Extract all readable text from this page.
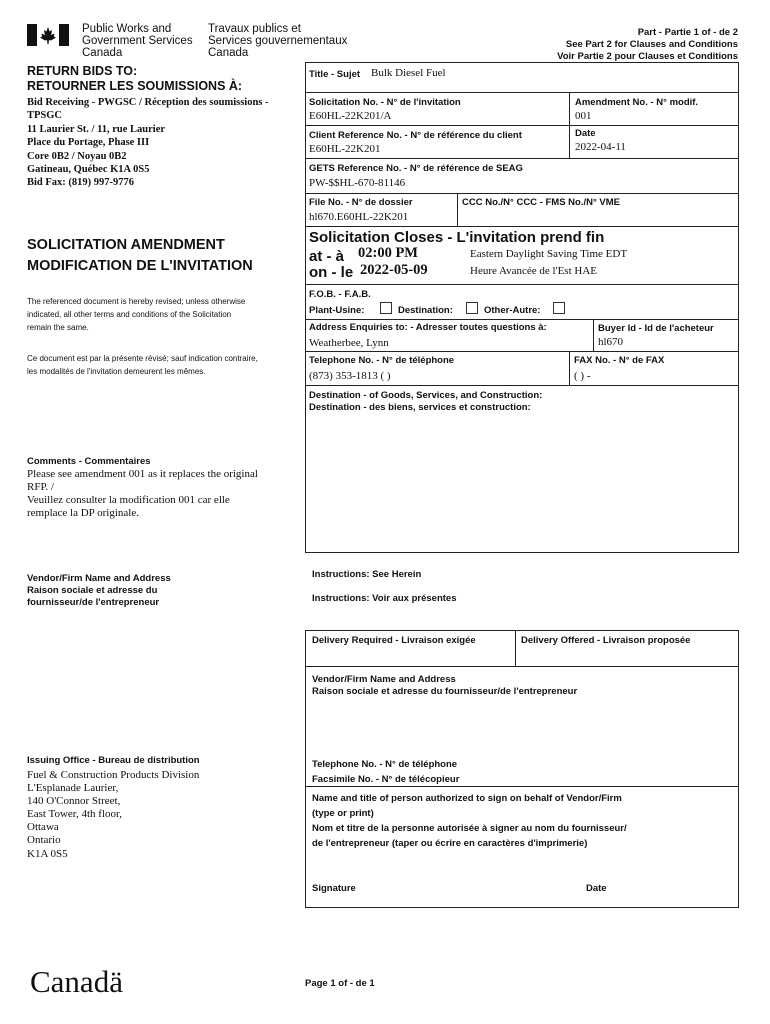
Public Works and
Government Services
Canada
Travaux publics et
Services gouvernementaux
Canada
Part - Partie 1 of - de 2
See Part 2 for Clauses and Conditions
Voir Partie 2 pour Clauses et Conditions
RETURN BIDS TO:
RETOURNER LES SOUMISSIONS À:
Bid Receiving - PWGSC / Réception des soumissions -
TPSGC
11 Laurier St. / 11, rue Laurier
Place du Portage, Phase III
Core 0B2 / Noyau 0B2
Gatineau, Québec K1A 0S5
Bid Fax: (819) 997-9776
SOLICITATION AMENDMENT
MODIFICATION DE L'INVITATION
The referenced document is hereby revised; unless otherwise
indicated, all other terms and conditions of the Solicitation
remain the same.
Ce document est par la présente révisé; sauf indication contraire,
les modalités de l'invitation demeurent les mêmes.
Comments - Commentaires
Please see amendment 001 as it replaces the original
RFP. /
Veuillez consulter la modification 001 car elle
remplace la DP originale.
Vendor/Firm Name and Address
Raison sociale et adresse du
fournisseur/de l'entrepreneur
Issuing Office - Bureau de distribution
Fuel & Construction Products Division
L'Esplanade Laurier,
140 O'Connor Street,
East Tower, 4th floor,
Ottawa
Ontario
K1A 0S5
Canadä
Title - Sujet Bulk Diesel Fuel
Solicitation No. - N° de l'invitation
E60HL-22K201/A
Amendment No. - N° modif.
001
Client Reference No. - N° de référence du client
E60HL-22K201
Date
2022-04-11
GETS Reference No. - N° de référence de SEAG
PW-$$HL-670-81146
File No. - N° de dossier
hl670.E60HL-22K201
CCC No./N° CCC - FMS No./N° VME
Solicitation Closes - L'invitation prend fin
at - à 02:00 PM
on - le 2022-05-09
Eastern Daylight Saving Time EDT
Heure Avancée de l'Est HAE
F.O.B. - F.A.B.
Plant-Usine:	Destination:	Other-Autre:
Address Enquiries to: - Adresser toutes questions à:
Weatherbee, Lynn
Buyer Id - Id de l'acheteur
hl670
Telephone No. - N° de téléphone
(873) 353-1813 ( )
FAX No. - N° de FAX
( ) -
Destination - of Goods, Services, and Construction:
Destination - des biens, services et construction:
Instructions: See Herein
Instructions: Voir aux présentes
Delivery Required - Livraison exigée	Delivery Offered - Livraison proposée
Vendor/Firm Name and Address
Raison sociale et adresse du fournisseur/de l'entrepreneur
Telephone No. - N° de téléphone
Facsimile No. - N° de télécopieur
Name and title of person authorized to sign on behalf of Vendor/Firm
(type or print)
Nom et titre de la personne autorisée à signer au nom du fournisseur/
de l'entrepreneur (taper ou écrire en caractères d'imprimerie)
Signature	Date
Page 1 of - de 1
